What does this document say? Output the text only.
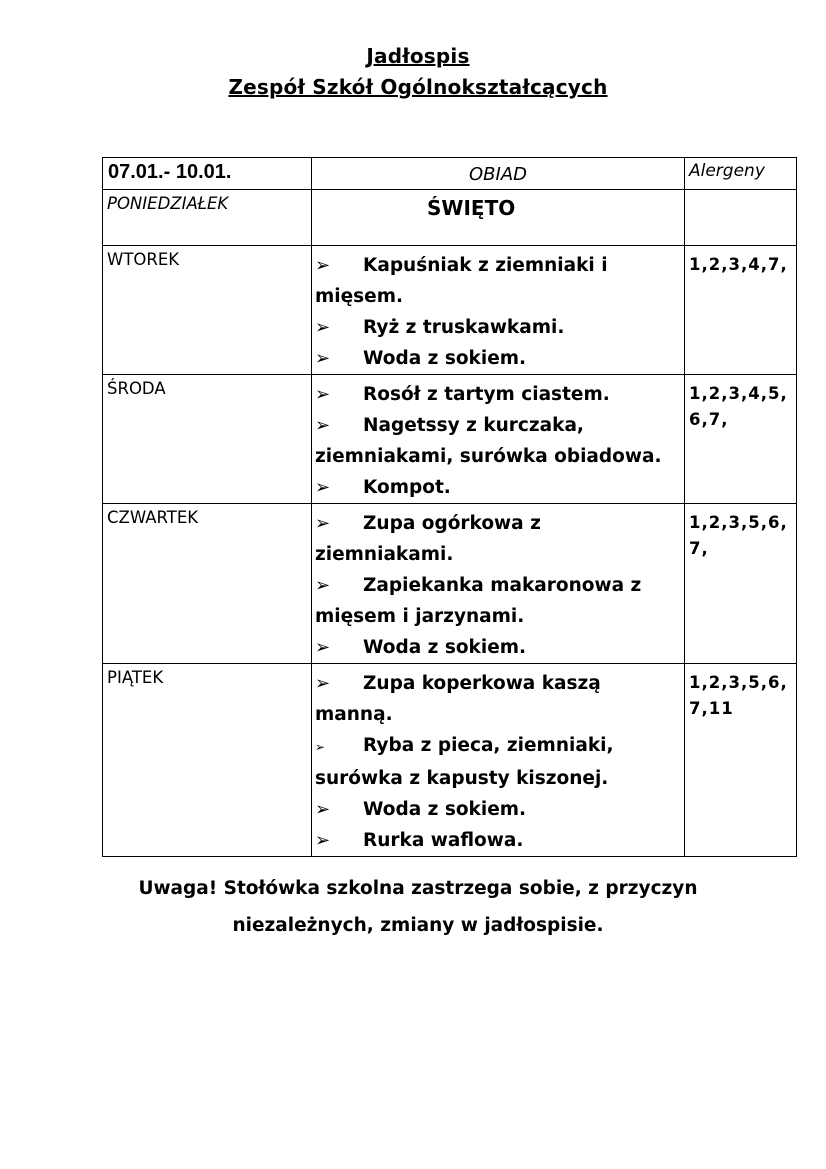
Jadłospis
Zespół Szkół Ogólnokształcących
07.01.- 10.01.	OBIAD	Alergeny
PONIEDZIAŁEK	ŚWIĘTO	
WTOREK	➢ Kapuśniak z ziemniaki i mięsem.
➢ Ryż z truskawkami.
➢ Woda z sokiem.	1,2,3,4,7,
ŚRODA	➢ Rosół z tartym ciastem.
➢ Nagetssy z kurczaka, ziemniakami, surówka obiadowa.
➢ Kompot.	1,2,3,4,5, 6,7,
CZWARTEK	➢ Zupa ogórkowa z ziemniakami.
➢ Zapiekanka makaronowa z mięsem i jarzynami.
➢ Woda z sokiem.	1,2,3,5,6, 7,
PIĄTEK	➢ Zupa koperkowa kaszą manną.
➢ Ryba z pieca, ziemniaki, surówka z kapusty kiszonej.
➢ Woda z sokiem.
➢ Rurka waflowa.	1,2,3,5,6, 7,11
Uwaga! Stołówka szkolna zastrzega sobie, z przyczyn
niezależnych, zmiany w jadłospisie.
